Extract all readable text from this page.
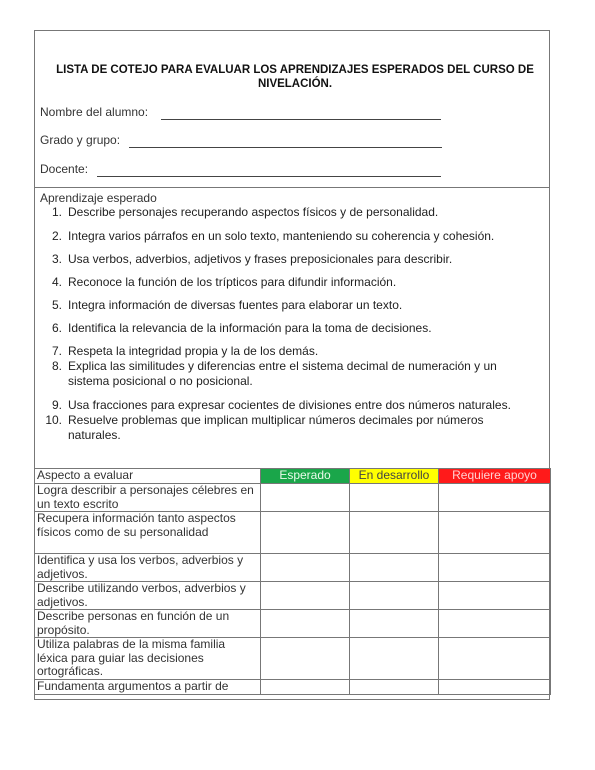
LISTA DE COTEJO PARA EVALUAR LOS APRENDIZAJES ESPERADOS DEL CURSO DE
NIVELACIÓN.
Nombre del alumno:
Grado y grupo:
Docente:
Aprendizaje esperado
1. Describe personajes recuperando aspectos físicos y de personalidad.
2. Integra varios párrafos en un solo texto, manteniendo su coherencia y cohesión.
3. Usa verbos, adverbios, adjetivos y frases preposicionales para describir.
4. Reconoce la función de los trípticos para difundir información.
5. Integra información de diversas fuentes para elaborar un texto.
6. Identifica la relevancia de la información para la toma de decisiones.
7. Respeta la integridad propia y la de los demás.
8. Explica las similitudes y diferencias entre el sistema decimal de numeración y un sistema posicional o no posicional.
9. Usa fracciones para expresar cocientes de divisiones entre dos números naturales.
10. Resuelve problemas que implican multiplicar números decimales por números naturales.
Aspecto a evaluar	Esperado	En desarrollo	Requiere apoyo
Logra describir a personajes célebres en un texto escrito			
Recupera información tanto aspectos físicos como de su personalidad			
Identifica y usa los verbos, adverbios y adjetivos.			
Describe utilizando verbos, adverbios y adjetivos.			
Describe personas en función de un propósito.			
Utiliza palabras de la misma familia léxica para guiar las decisiones ortográficas.			
Fundamenta argumentos a partir de			
